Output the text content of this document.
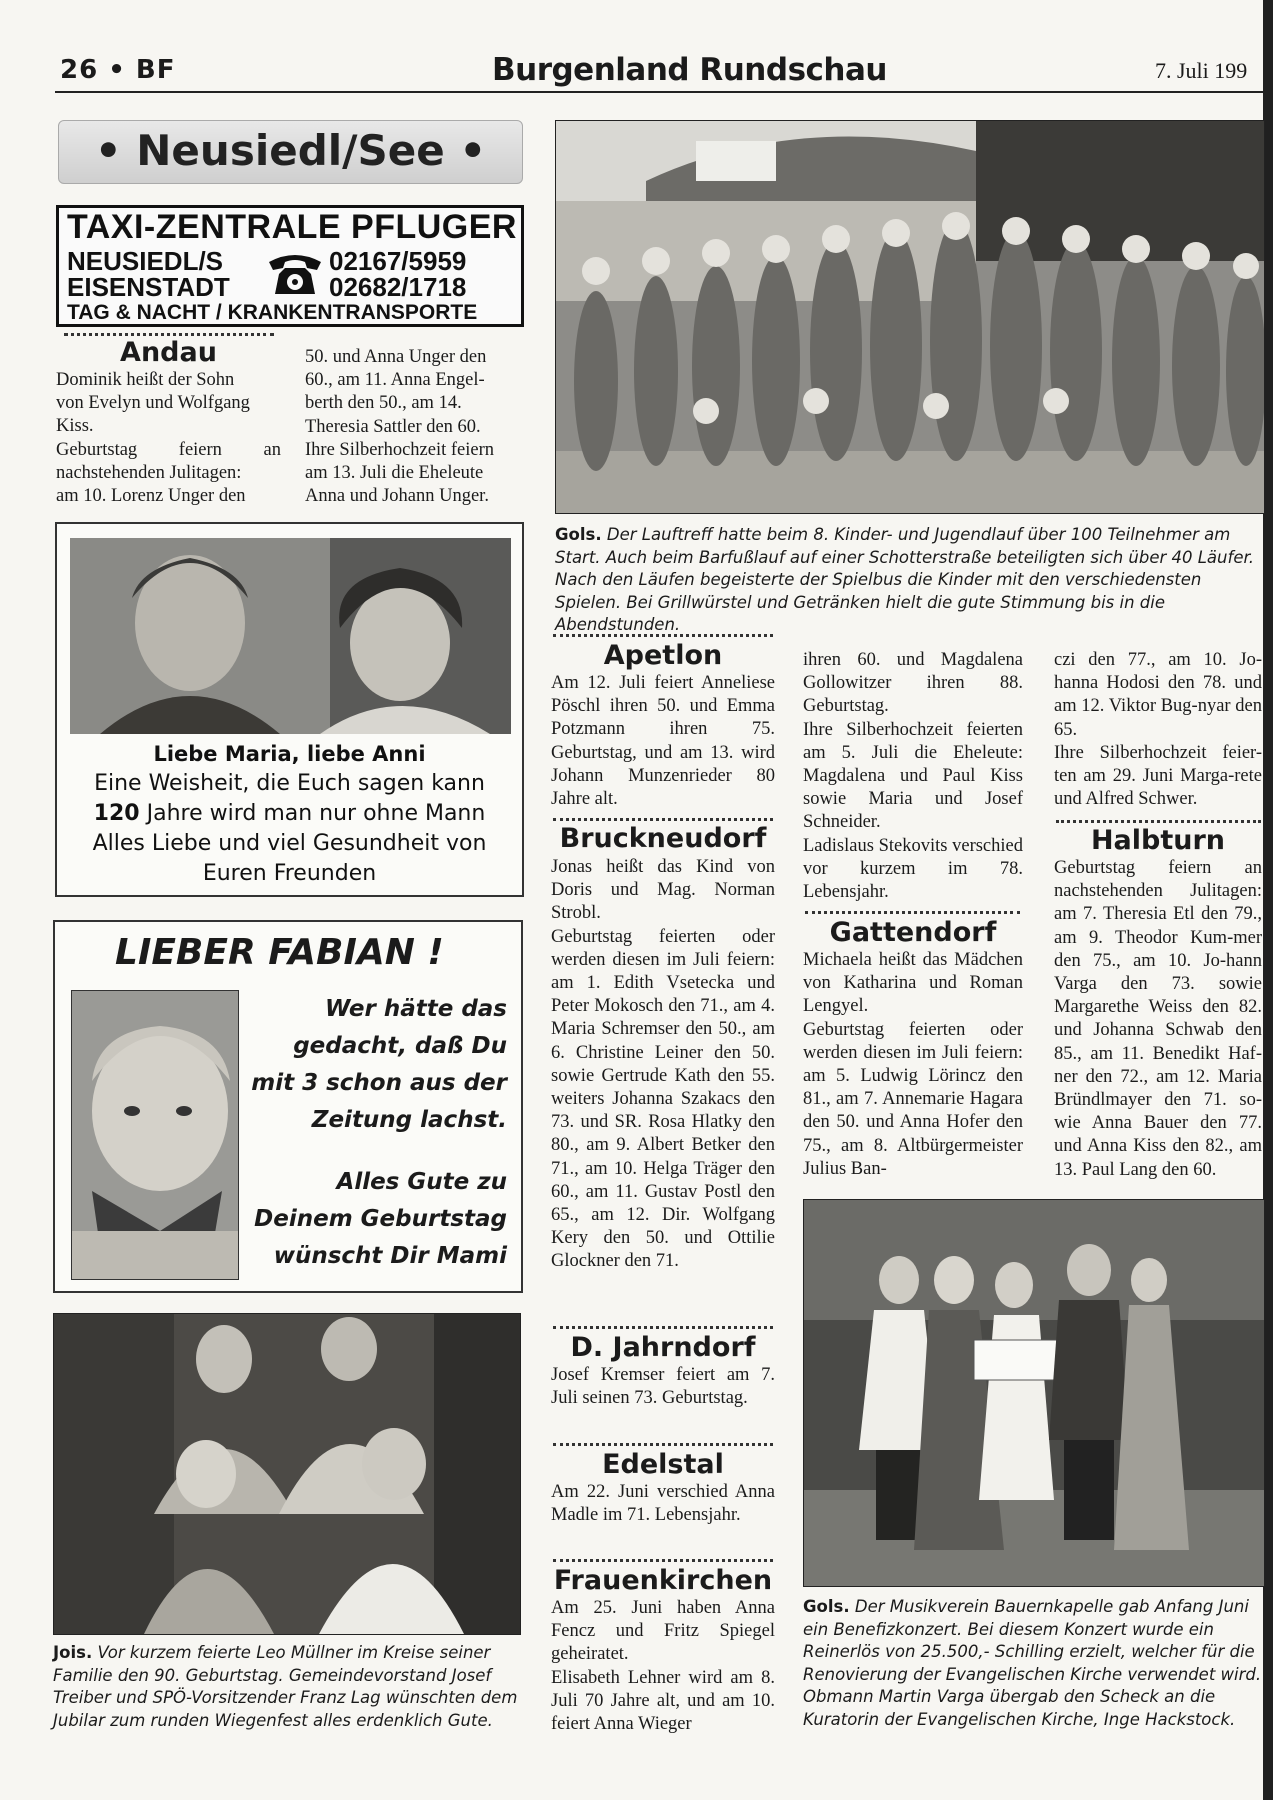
26 • BF	Burgenland Rundschau	7. Juli 199
• Neusiedl/See •
TAXI-ZENTRALE PFLUGER
NEUSIEDL/S
EISENSTADT
02167/5959
02682/1718
TAG & NACHT / KRANKENTRANSPORTE
Andau
Dominik heißt der Sohn
von Evelyn und Wolfgang
Kiss.
Geburtstag feiern an
nachstehenden Julitagen:
am 10. Lorenz Unger den
50. und Anna Unger den
60., am 11. Anna Engel-
berth den 50., am 14.
Theresia Sattler den 60.
Ihre Silberhochzeit feiern
am 13. Juli die Eheleute
Anna und Johann Unger.
Liebe Maria, liebe Anni
Eine Weisheit, die Euch sagen kann
120 Jahre wird man nur ohne Mann
Alles Liebe und viel Gesundheit von
Euren Freunden
LIEBER FABIAN !
Wer hätte das
gedacht, daß Du
mit 3 schon aus der
Zeitung lachst.
Alles Gute zu
Deinem Geburtstag
wünscht Dir Mami
Jois. Vor kurzem feierte Leo Müllner im Kreise seiner Familie den 90. Geburtstag. Gemeindevorstand Josef Treiber und SPÖ-Vorsitzender Franz Lag wünschten dem Jubilar zum runden Wiegenfest alles erdenklich Gute.
Gols. Der Lauftreff hatte beim 8. Kinder- und Jugendlauf über 100 Teilnehmer am Start. Auch beim Barfußlauf auf einer Schotterstraße beteiligten sich über 40 Läufer. Nach den Läufen begeisterte der Spielbus die Kinder mit den verschiedensten Spielen. Bei Grillwürstel und Getränken hielt die gute Stimmung bis in die Abendstunden.
Apetlon
Am 12. Juli feiert Anneliese Pöschl ihren 50. und Emma Potzmann ihren 75. Geburtstag, und am 13. wird Johann Munzenrieder 80 Jahre alt.
Bruckneudorf

Jonas heißt das Kind von Doris und Mag. Norman Strobl.

Geburtstag feierten oder werden diesen im Juli feiern: am 1. Edith Vsetecka und Peter Mokosch den 71., am 4. Maria Schremser den 50., am 6. Christine Leiner den 50. sowie Gertrude Kath den 55. weiters Johanna Szakacs den 73. und SR. Rosa Hlatky den 80., am 9. Albert Betker den 71., am 10. Helga Träger den 60., am 11. Gustav Postl den 65., am 12. Dir. Wolfgang Kery den 50. und Ottilie Glockner den 71.

D. Jahrndorf
Josef Kremser feiert am 7. Juli seinen 73. Geburtstag.
Edelstal
Am 22. Juni verschied Anna Madle im 71. Lebensjahr.
Frauenkirchen

Am 25. Juni haben Anna Fencz und Fritz Spiegel geheiratet.

Elisabeth Lehner wird am 8. Juli 70 Jahre alt, und am 10. feiert Anna Wieger

ihren 60. und Magdalena Gollowitzer ihren 88. Geburtstag.

Ihre Silberhochzeit feierten am 5. Juli die Eheleute: Magdalena und Paul Kiss sowie Maria und Josef Schneider.

Ladislaus Stekovits verschied vor kurzem im 78. Lebensjahr.

Gattendorf

Michaela heißt das Mädchen von Katharina und Roman Lengyel.

Geburtstag feierten oder werden diesen im Juli feiern: am 5. Ludwig Lörincz den 81., am 7. Annemarie Hagara den 50. und Anna Hofer den 75., am 8. Altbürgermeister Julius Ban-

czi den 77., am 10. Jo-hanna Hodosi den 78. und am 12. Viktor Bug-nyar den 65.

Ihre Silberhochzeit feier-ten am 29. Juni Marga-rete und Alfred Schwer.

Halbturn
Geburtstag feiern an nachstehenden Julitagen: am 7. Theresia Etl den 79., am 9. Theodor Kum-mer den 75., am 10. Jo-hann Varga den 73. sowie Margarethe Weiss den 82. und Johanna Schwab den 85., am 11. Benedikt Haf-ner den 72., am 12. Maria Bründlmayer den 71. so-wie Anna Bauer den 77. und Anna Kiss den 82., am 13. Paul Lang den 60.
Gols. Der Musikverein Bauernkapelle gab Anfang Juni ein Benefizkonzert. Bei diesem Konzert wurde ein Reinerlös von 25.500,- Schilling erzielt, welcher für die Renovierung der Evangelischen Kirche verwendet wird. Obmann Martin Varga übergab den Scheck an die Kuratorin der Evangelischen Kirche, Inge Hackstock.
